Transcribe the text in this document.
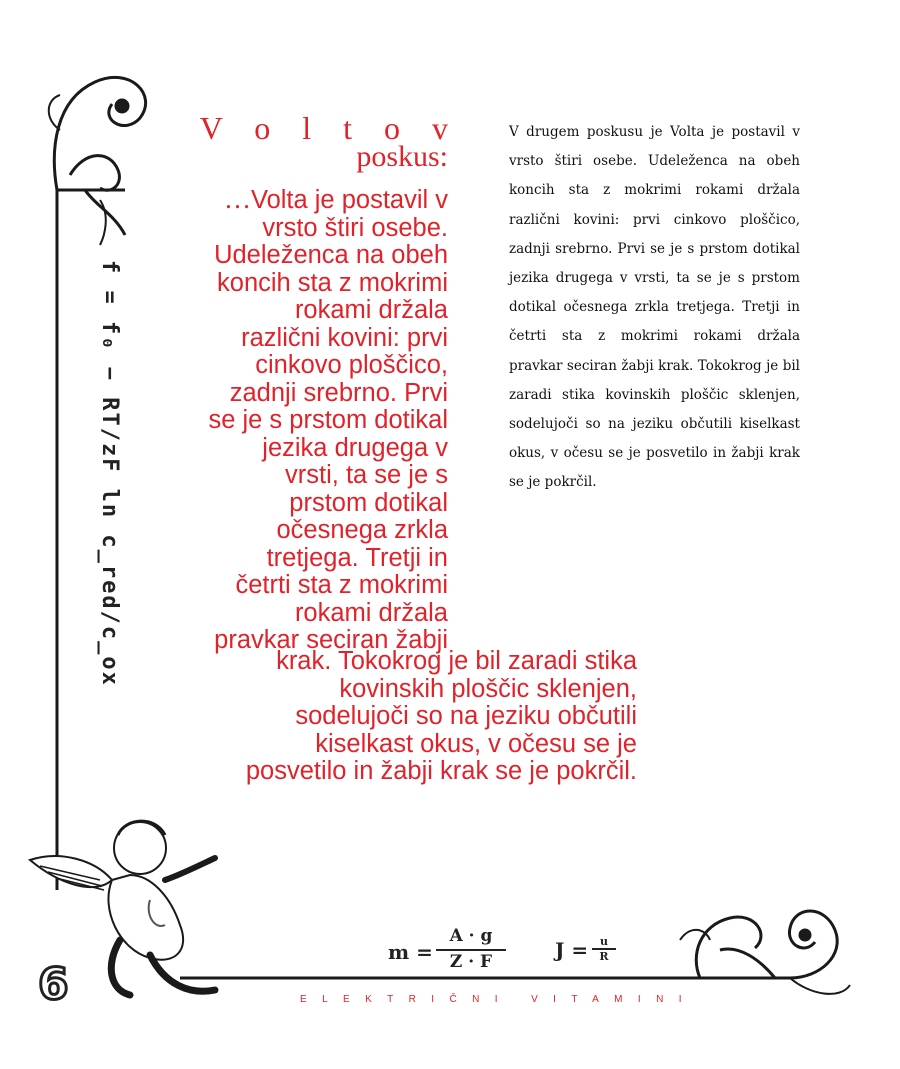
f = f₀ − RT/zF ln c_red/c_ox
V o l t o v
poskus:
…Volta je postavil v
vrsto štiri osebe.
Udeleženca na obeh
koncih sta z mokrimi
rokami držala
različni kovini: prvi
cinkovo ploščico,
zadnji srebrno. Prvi
se je s prstom dotikal
jezika drugega v
vrsti, ta se je s
prstom dotikal
očesnega zrkla
tretjega. Tretji in
četrti sta z mokrimi
rokami držala
pravkar seciran žabji
krak. Tokokrog je bil zaradi stika
kovinskih ploščic sklenjen,
sodelujoči so na jeziku občutili
kiselkast okus, v očesu se je
posvetilo in žabji krak se je pokrčil.

V drugem poskusu je Volta je postavil v vrsto štiri osebe. Udeleženca na obeh koncih sta z mokrimi rokami držala različni kovini: prvi cinkovo ploščico, zadnji srebrno. Prvi se je s prstom dotikal jezika drugega v vrsti, ta se je s prstom dotikal očesnega zrkla tretjega. Tretji in četrti sta z mokrimi rokami držala pravkar seciran žabji krak. Tokokrog je bil zaradi stika kovinskih ploščic sklenjen, sodelujoči so na jeziku občutili kiselkast okus, v očesu se je posvetilo in žabji krak se je pokrčil.

$m = \frac{A \cdot g}{Z \cdot F}$ $J = \frac{u}{R}$
6	ELEKTRIČNI VITAMINI
